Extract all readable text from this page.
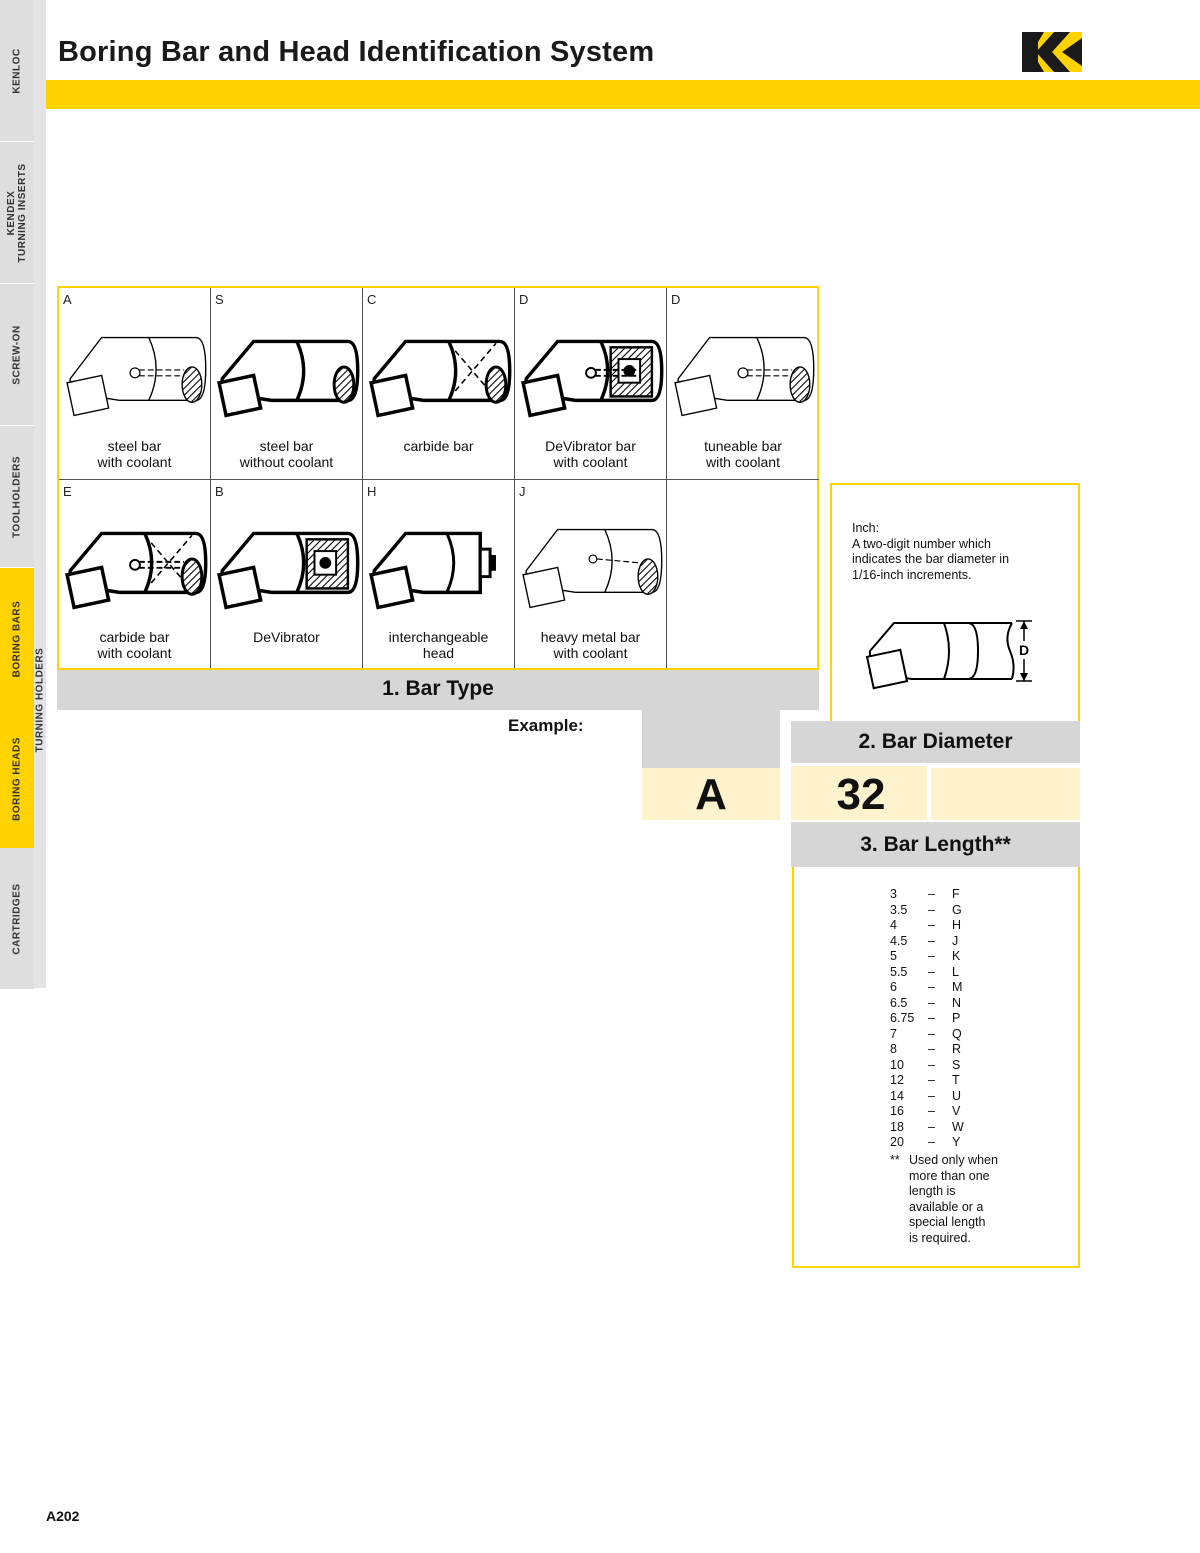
KENLOC
KENDEX TURNING INSERTS
SCREW-ON
TOOLHOLDERS
BORING BARS
BORING HEADS
CARTRIDGES
TURNING HOLDERS
Boring Bar and Head Identification System
A
steel bar
with coolant
S
steel bar
without coolant
C
carbide bar
D
DeVibrator bar
with coolant
D
tuneable bar
with coolant
E
carbide bar
with coolant
B
DeVibrator
H
interchangeable
head
J
heavy metal bar
with coolant
1. Bar Type
Example:
A	32
Inch:
A two-digit number which
indicates the bar diameter in
1/16-inch increments.
D
2. Bar Diameter
3. Bar Length**
3	–	F
3.5	–	G
4	–	H
4.5	–	J
5	–	K
5.5	–	L
6	–	M
6.5	–	N
6.75	–	P
7	–	Q
8	–	R
10	–	S
12	–	T
14	–	U
16	–	V
18	–	W
20	–	Y
** Used only when
more than one
length is
available or a
special length
is required.
A202
